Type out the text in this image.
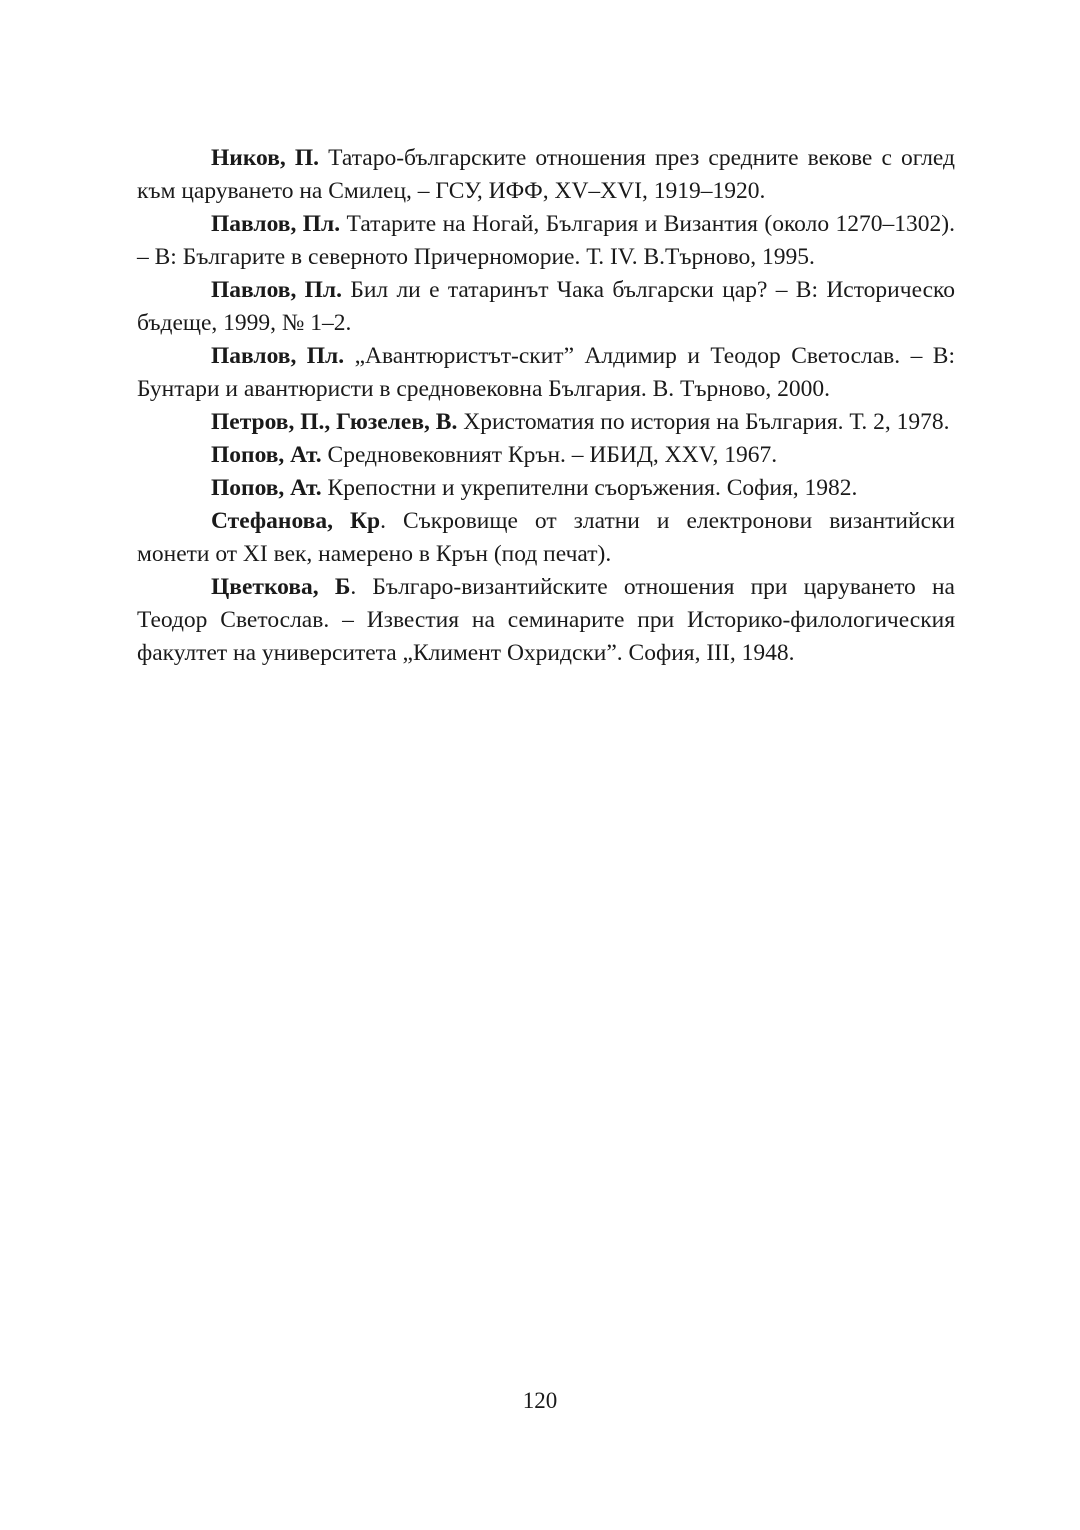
Ников, П. Татаро-българските отношения през средните векове с оглед към царуването на Смилец, – ГСУ, ИФФ, XV–XVI, 1919–1920.

Павлов, Пл. Татарите на Ногай, България и Византия (около 1270–1302). – В: Българите в северното Причерноморие. Т. IV. В.Търново, 1995.

Павлов, Пл. Бил ли е татаринът Чака български цар? – В: Историческо бъдеще, 1999, № 1–2.

Павлов, Пл. „Авантюристът-скит” Алдимир и Теодор Светослав. – В: Бунтари и авантюристи в средновековна България. В. Търново, 2000.

Петров, П., Гюзелев, В. Христоматия по история на България. Т. 2, 1978.

Попов, Ат. Средновековният Крън. – ИБИД, XXV, 1967.

Попов, Ат. Крепостни и укрепителни съоръжения. София, 1982.

Стефанова, Кр. Съкровище от златни и електронови византийски монети от XI век, намерено в Крън (под печат).

Цветкова, Б. Българо-византийските отношения при царуването на Теодор Светослав. – Известия на семинарите при Историко-филологическия факултет на университета „Климент Охридски”. София, III, 1948.

120
